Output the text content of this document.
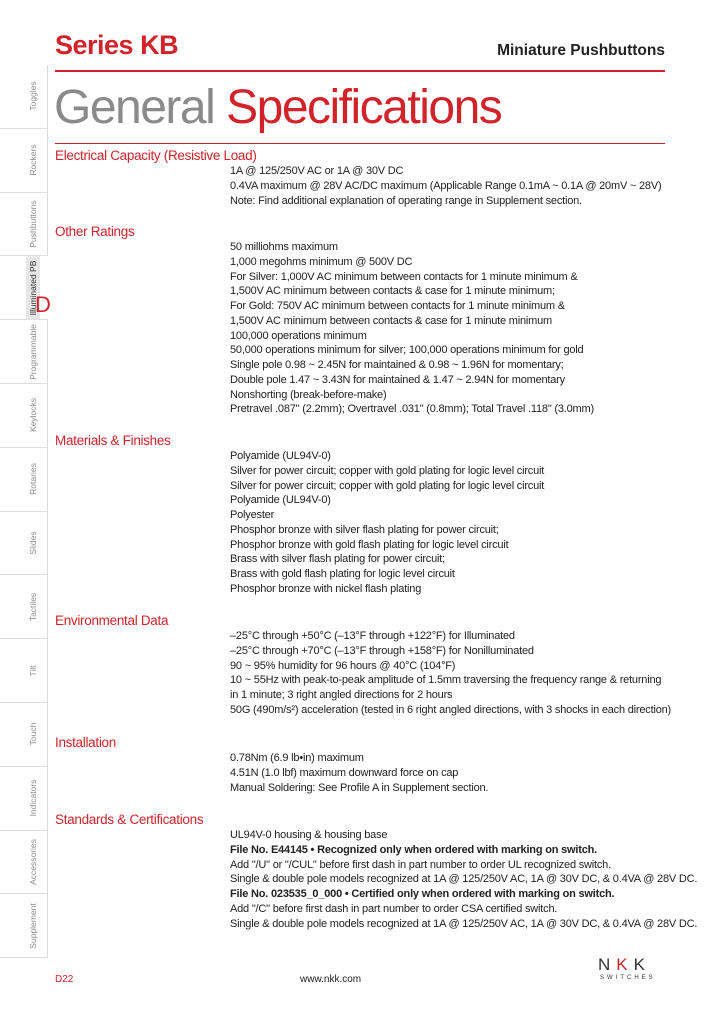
Series KB	Miniature Pushbuttons
General Specifications
Toggles
Rockers
Pushbuttons
Illuminated PB
Programmable
Keylocks
Rotaries
Slides
Tactiles
Tilt
Touch
Indicators
Accessories
Supplement
D
Electrical Capacity (Resistive Load)
1A @ 125/250V AC or 1A @ 30V DC
0.4VA maximum @ 28V AC/DC maximum (Applicable Range 0.1mA ~ 0.1A @ 20mV ~ 28V)
Note: Find additional explanation of operating range in Supplement section.
Other Ratings
50 milliohms maximum
1,000 megohms minimum @ 500V DC
For Silver: 1,000V AC minimum between contacts for 1 minute minimum &
1,500V AC minimum between contacts & case for 1 minute minimum;
For Gold: 750V AC minimum between contacts for 1 minute minimum &
1,500V AC minimum between contacts & case for 1 minute minimum
100,000 operations minimum
50,000 operations minimum for silver; 100,000 operations minimum for gold
Single pole 0.98 ~ 2.45N for maintained & 0.98 ~ 1.96N for momentary;
Double pole 1.47 ~ 3.43N for maintained & 1.47 ~ 2.94N for momentary
Nonshorting (break-before-make)
Pretravel .087" (2.2mm); Overtravel .031" (0.8mm); Total Travel .118" (3.0mm)
Materials & Finishes
Polyamide (UL94V-0)
Silver for power circuit; copper with gold plating for logic level circuit
Silver for power circuit; copper with gold plating for logic level circuit
Polyamide (UL94V-0)
Polyester
Phosphor bronze with silver flash plating for power circuit;
Phosphor bronze with gold flash plating for logic level circuit
Brass with silver flash plating for power circuit;
Brass with gold flash plating for logic level circuit
Phosphor bronze with nickel flash plating
Environmental Data
–25°C through +50°C (–13°F through +122°F) for Illuminated
–25°C through +70°C (–13°F through +158°F) for Nonilluminated
90 ~ 95% humidity for 96 hours @ 40°C (104°F)
10 ~ 55Hz with peak-to-peak amplitude of 1.5mm traversing the frequency range & returning
in 1 minute; 3 right angled directions for 2 hours
50G (490m/s²) acceleration (tested in 6 right angled directions, with 3 shocks in each direction)
Installation
0.78Nm (6.9 lb•in) maximum
4.51N (1.0 lbf) maximum downward force on cap
Manual Soldering: See Profile A in Supplement section.
Standards & Certifications
UL94V-0 housing & housing base
File No. E44145 • Recognized only when ordered with marking on switch.
Add "/U" or "/CUL" before first dash in part number to order UL recognized switch.
Single & double pole models recognized at 1A @ 125/250V AC, 1A @ 30V DC, & 0.4VA @ 28V DC.
File No. 023535_0_000 • Certified only when ordered with marking on switch.
Add "/C" before first dash in part number to order CSA certified switch.
Single & double pole models recognized at 1A @ 125/250V AC, 1A @ 30V DC, & 0.4VA @ 28V DC.
D22	www.nkk.com
NKK
SWITCHES
